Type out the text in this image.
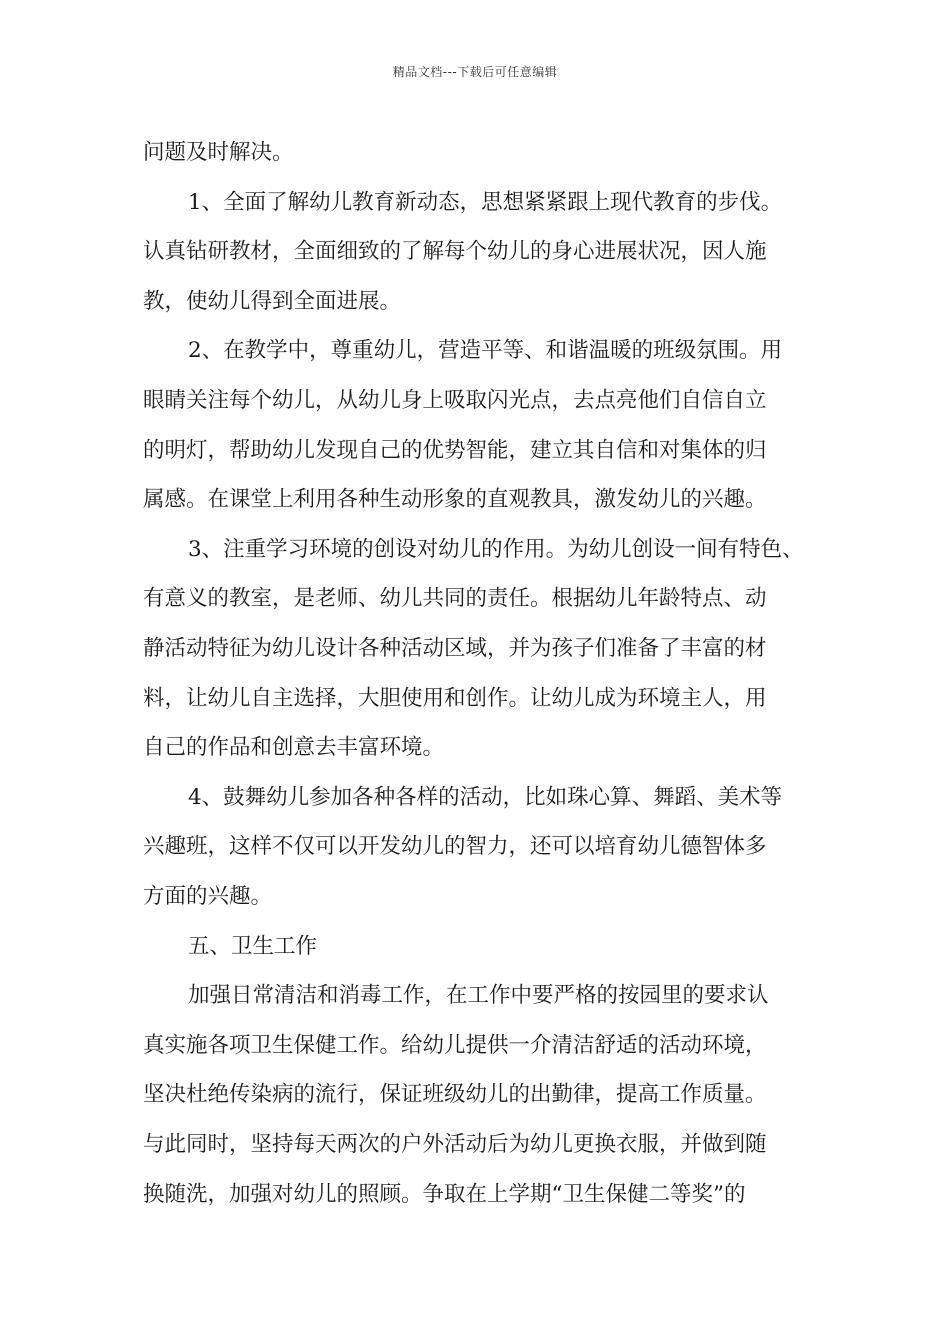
精品文档---下载后可任意编辑
问题及时解决。
1、全面了解幼儿教育新动态，思想紧紧跟上现代教育的步伐。
认真钻研教材，全面细致的了解每个幼儿的身心进展状况，因人施
教，使幼儿得到全面进展。
2、在教学中，尊重幼儿，营造平等、和谐温暖的班级氛围。用
眼睛关注每个幼儿，从幼儿身上吸取闪光点，去点亮他们自信自立
的明灯，帮助幼儿发现自己的优势智能，建立其自信和对集体的归
属感。在课堂上利用各种生动形象的直观教具，激发幼儿的兴趣。
3、注重学习环境的创设对幼儿的作用。为幼儿创设一间有特色、
有意义的教室，是老师、幼儿共同的责任。根据幼儿年龄特点、动
静活动特征为幼儿设计各种活动区域，并为孩子们准备了丰富的材
料，让幼儿自主选择，大胆使用和创作。让幼儿成为环境主人，用
自己的作品和创意去丰富环境。
4、鼓舞幼儿参加各种各样的活动，比如珠心算、舞蹈、美术等
兴趣班，这样不仅可以开发幼儿的智力，还可以培育幼儿德智体多
方面的兴趣。
五、卫生工作
加强日常清洁和消毒工作，在工作中要严格的按园里的要求认
真实施各项卫生保健工作。给幼儿提供一介清洁舒适的活动环境，
坚决杜绝传染病的流行，保证班级幼儿的出勤律，提高工作质量。
与此同时，坚持每天两次的户外活动后为幼儿更换衣服，并做到随
换随洗，加强对幼儿的照顾。争取在上学期“卫生保健二等奖”的
